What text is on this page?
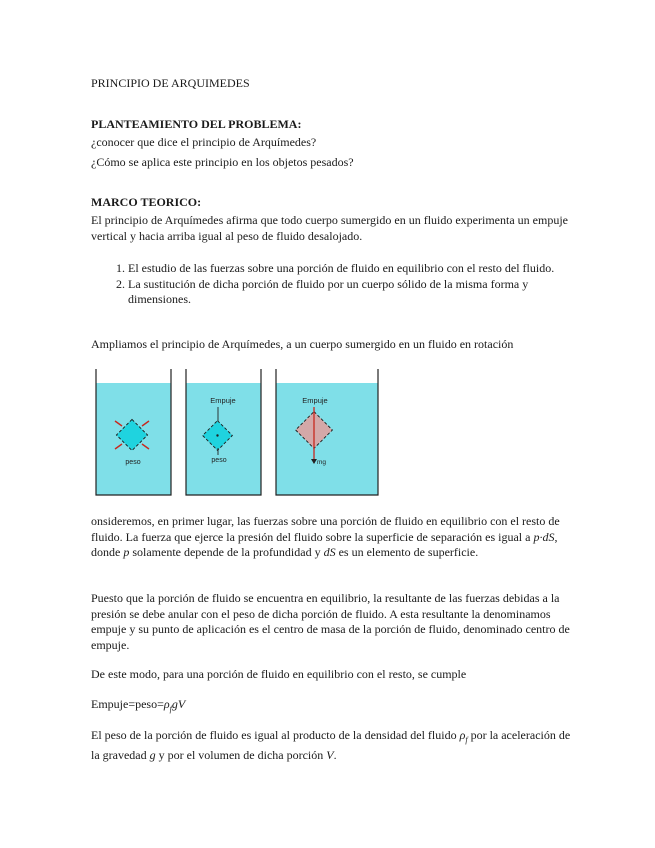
PRINCIPIO DE ARQUIMEDES

PLANTEAMIENTO DEL PROBLEMA:

¿conocer que dice el principio de Arquímedes?

¿Cómo se aplica este principio en los objetos pesados?

MARCO TEORICO:

El principio de Arquímedes afirma que todo cuerpo sumergido en un fluido experimenta un empuje vertical y hacia arriba igual al peso de fluido desalojado.

1. El estudio de las fuerzas sobre una porción de fluido en equilibrio con el resto del fluido.
2. La sustitución de dicha porción de fluido por un cuerpo sólido de la misma forma y dimensiones.

Ampliamos el principio de Arquímedes, a un cuerpo sumergido en un fluido en rotación

peso
Empuje
peso
Empuje
mg

onsideremos, en primer lugar, las fuerzas sobre una porción de fluido en equilibrio con el resto de fluido. La fuerza que ejerce la presión del fluido sobre la superficie de separación es igual a p·dS, donde p solamente depende de la profundidad y dS es un elemento de superficie.

Puesto que la porción de fluido se encuentra en equilibrio, la resultante de las fuerzas debidas a la presión se debe anular con el peso de dicha porción de fluido. A esta resultante la denominamos empuje y su punto de aplicación es el centro de masa de la porción de fluido, denominado centro de empuje.

De este modo, para una porción de fluido en equilibrio con el resto, se cumple

$Empuje=peso=\rho_fgV$

El peso de la porción de fluido es igual al producto de la densidad del fluido $\rho_f$ por la aceleración de la gravedad g y por el volumen de dicha porción V.
